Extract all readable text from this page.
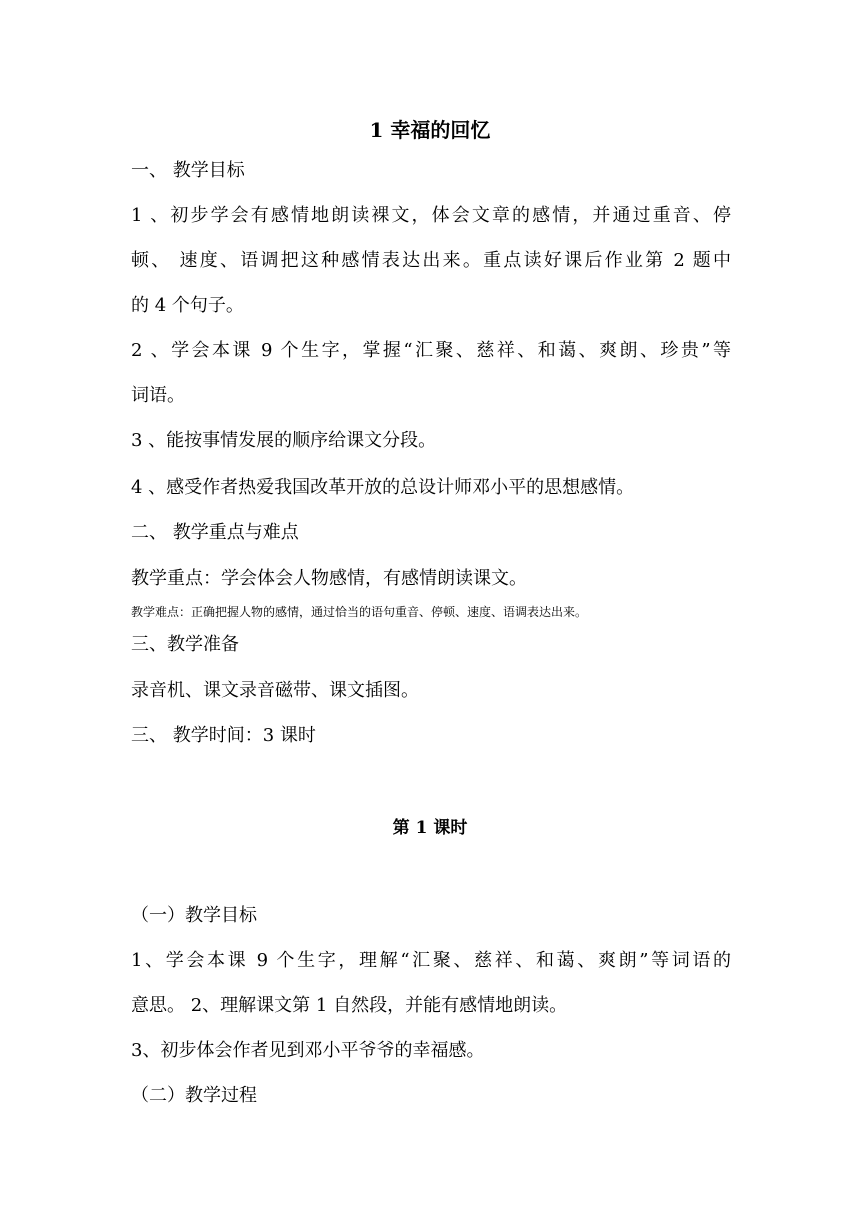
1 幸福的回忆
一、 教学目标
1 、初步学会有感情地朗读裸文，体会文章的感情，并通过重音、停
顿、 速度、语调把这种感情表达出来。重点读好课后作业第 2 题中
的 4 个句子。
2 、学会本课 9 个生字，掌握“汇聚、慈祥、和蔼、爽朗、珍贵”等
词语。
3 、能按事情发展的顺序给课文分段。
4 、感受作者热爱我国改革开放的总设计师邓小平的思想感情。
二、 教学重点与难点
教学重点：学会体会人物感情，有感情朗读课文。
教学难点：正确把握人物的感情，通过恰当的语句重音、停顿、速度、语调表达出来。
三、教学准备
录音机、课文录音磁带、课文插图。
三、 教学时间：3 课时
第 1 课时
（一）教学目标
1、学会本课 9 个生字，理解“汇聚、慈祥、和蔼、爽朗”等词语的
意思。 2、理解课文第 1 自然段，并能有感情地朗读。
3、初步体会作者见到邓小平爷爷的幸福感。
（二）教学过程
